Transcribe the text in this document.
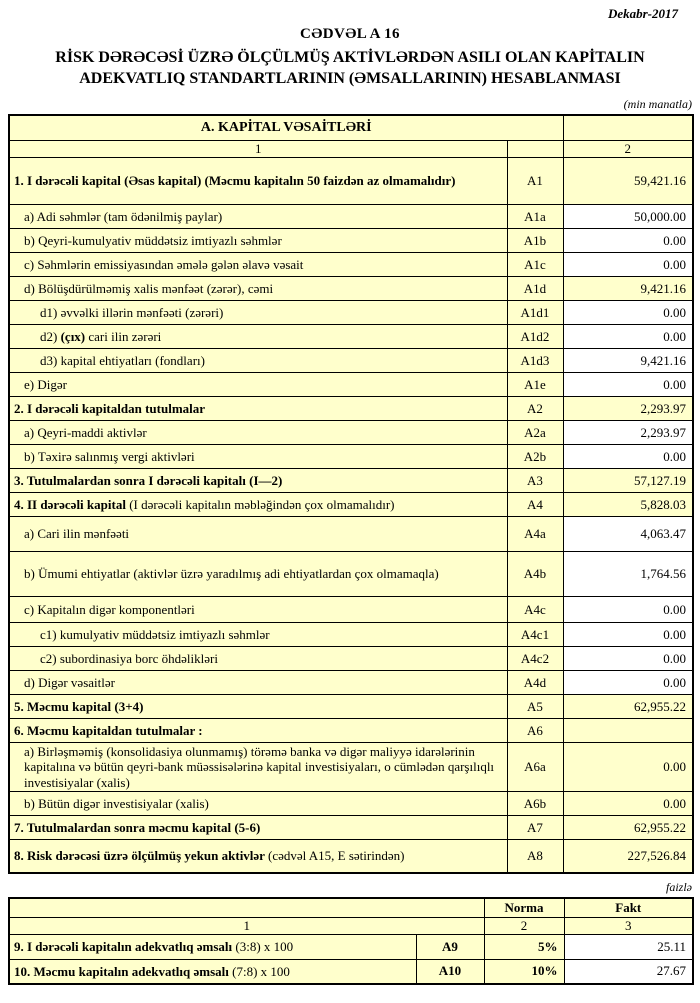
Dekabr-2017
CƏDVƏL A 16
RİSK DƏRƏCƏSİ ÜZRƏ ÖLÇÜLMÜŞ AKTİVLƏRDƏN ASILI OLAN KAPİTALIN
ADEKVATLIQ STANDARTLARININ (ƏMSALLARININ) HESABLANMASI
(min manatla)
A. KAPİTAL VƏSAİTLƏRİ		
1		2
1. I dərəcəli kapital (Əsas kapital) (Məcmu kapitalın 50 faizdən az olmamalıdır)	A1	59,421.16
a) Adi səhmlər (tam ödənilmiş paylar)	A1a	50,000.00
b) Qeyri-kumulyativ müddətsiz imtiyazlı səhmlər	A1b	0.00
c) Səhmlərin emissiyasından əmələ gələn əlavə vəsait	A1c	0.00
d) Bölüşdürülməmiş xalis mənfəət (zərər), cəmi	A1d	9,421.16
d1) əvvəlki illərin mənfəəti (zərəri)	A1d1	0.00
d2) (çıx) cari ilin zərəri	A1d2	0.00
d3) kapital ehtiyatları (fondları)	A1d3	9,421.16
e) Digər	A1e	0.00
2. I dərəcəli kapitaldan tutulmalar	A2	2,293.97
a) Qeyri-maddi aktivlər	A2a	2,293.97
b) Təxirə salınmış vergi aktivləri	A2b	0.00
3. Tutulmalardan sonra I dərəcəli kapitalı (I—2)	A3	57,127.19
4. II dərəcəli kapital (I dərəcəli kapitalın məbləğindən çox olmamalıdır)	A4	5,828.03
a) Cari ilin mənfəəti	A4a	4,063.47
b) Ümumi ehtiyatlar (aktivlər üzrə yaradılmış adi ehtiyatlardan çox olmamaqla)	A4b	1,764.56
c) Kapitalın digər komponentləri	A4c	0.00
c1) kumulyativ müddətsiz imtiyazlı səhmlər	A4c1	0.00
c2) subordinasiya borc öhdəlikləri	A4c2	0.00
d) Digər vəsaitlər	A4d	0.00
5. Məcmu kapital (3+4)	A5	62,955.22
6. Məcmu kapitaldan tutulmalar :	A6	
a) Birləşməmiş (konsolidasiya olunmamış) törəmə banka və digər maliyyə idarələrinin kapitalına və bütün qeyri-bank müəssisələrinə kapital investisiyaları, o cümlədən qarşılıqlı investisiyalar (xalis)	A6a	0.00
b) Bütün digər investisiyalar (xalis)	A6b	0.00
7. Tutulmalardan sonra məcmu kapital (5-6)	A7	62,955.22
8. Risk dərəcəsi üzrə ölçülmüş yekun aktivlər (cədvəl A15, E sətirindən)	A8	227,526.84
faizlə
		Norma	Fakt
1		2	3
9. I dərəcəli kapitalın adekvatlıq əmsalı (3:8) x 100	A9	5%	25.11
10. Məcmu kapitalın adekvatlıq əmsalı (7:8) x 100	A10	10%	27.67
